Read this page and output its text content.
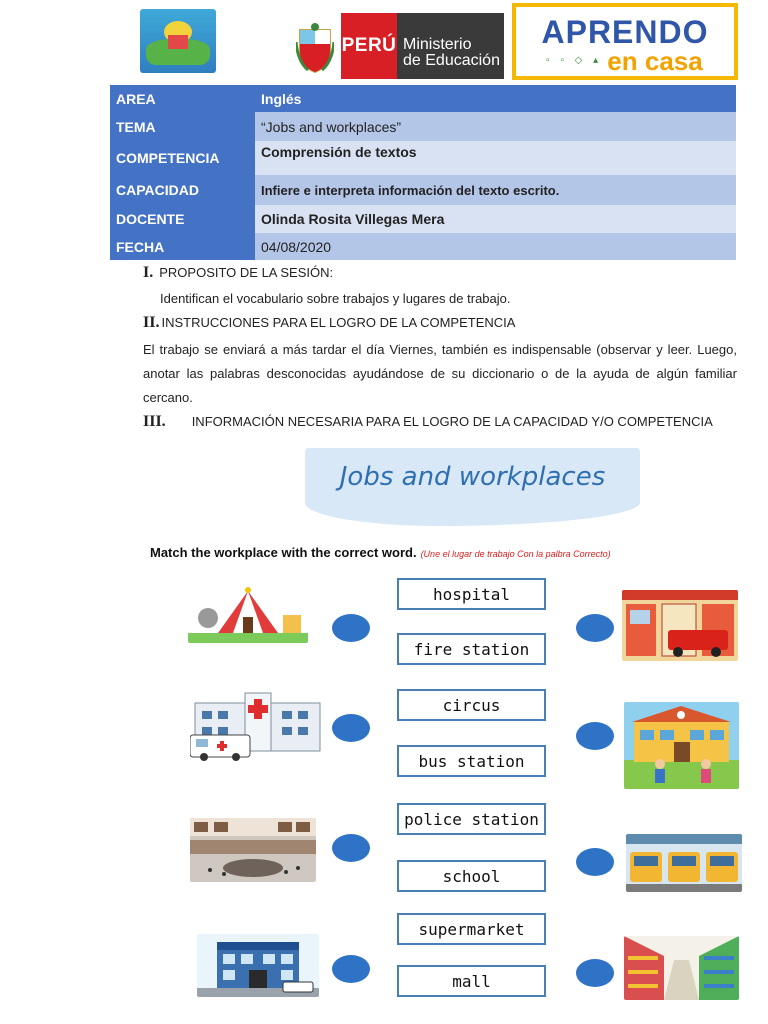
PERÚ Ministerio
de Educación
APRENDO
▫ ▫ ◇ ▴ en casa
AREA	Inglés
TEMA	“Jobs and workplaces”
COMPETENCIA	Comprensión de textos
CAPACIDAD	Infiere e interpreta información del texto escrito.
DOCENTE	Olinda Rosita Villegas Mera
FECHA	04/08/2020
I. PROPOSITO DE LA SESIÓN:
Identifican el vocabulario sobre trabajos y lugares de trabajo.
II. INSTRUCCIONES PARA EL LOGRO DE LA COMPETENCIA
El trabajo se enviará a más tardar el día Viernes, también es indispensable (observar y leer. Luego, anotar las palabras desconocidas ayudándose de su diccionario o de la ayuda de algún familiar cercano.
III. INFORMACIÓN NECESARIA PARA EL LOGRO DE LA CAPACIDAD Y/O COMPETENCIA
Jobs and workplaces
Match the workplace with the correct word. (Une el lugar de trabajo Con la palbra Correcto)
hospital
fire station
circus
bus station
police station
school
supermarket
mall
